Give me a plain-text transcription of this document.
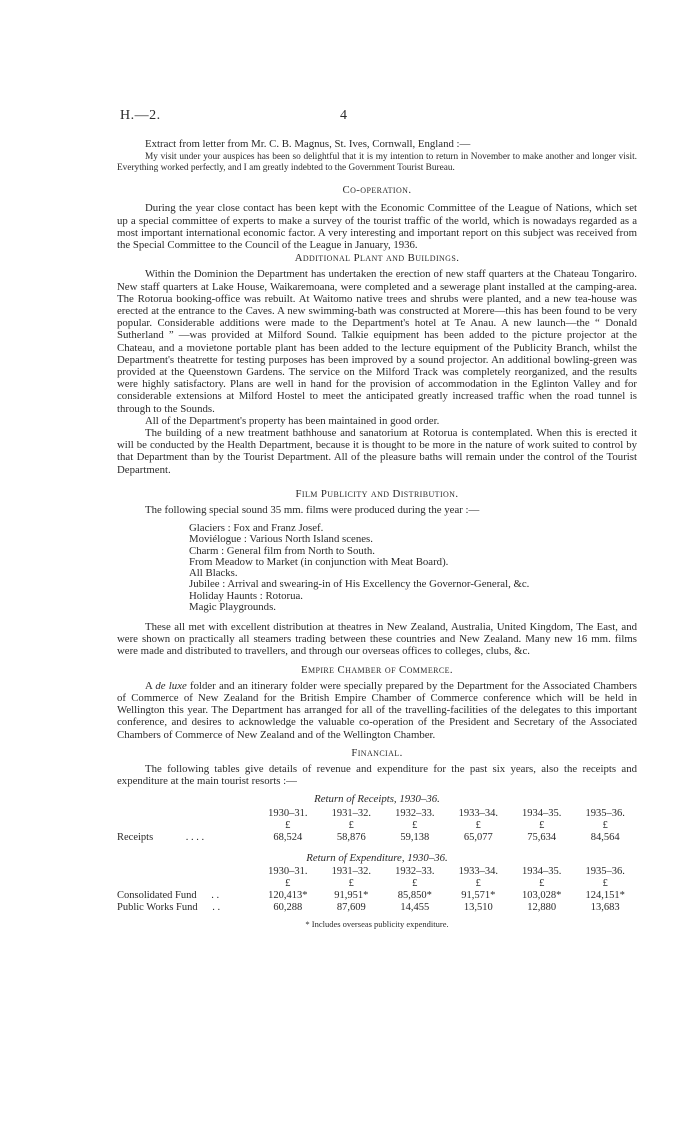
H.—2.	4

Extract from letter from Mr. C. B. Magnus, St. Ives, Cornwall, England :—

My visit under your auspices has been so delightful that it is my intention to return in November to make another and longer visit. Everything worked perfectly, and I am greatly indebted to the Government Tourist Bureau.

Co-operation.

During the year close contact has been kept with the Economic Committee of the League of Nations, which set up a special committee of experts to make a survey of the tourist traffic of the world, which is nowadays regarded as a most important international economic factor. A very interesting and important report on this subject was received from the Special Committee to the Council of the League in January, 1936.

Additional Plant and Buildings.

Within the Dominion the Department has undertaken the erection of new staff quarters at the Chateau Tongariro. New staff quarters at Lake House, Waikaremoana, were completed and a sewerage plant installed at the camping-area. The Rotorua booking-office was rebuilt. At Waitomo native trees and shrubs were planted, and a new tea-house was erected at the entrance to the Caves. A new swimming-bath was constructed at Morere—this has been found to be very popular. Considerable additions were made to the Department's hotel at Te Anau. A new launch—the “ Donald Sutherland ” —was provided at Milford Sound. Talkie equipment has been added to the picture projector at the Chateau, and a movietone portable plant has been added to the lecture equipment of the Publicity Branch, whilst the Department's theatrette for testing purposes has been improved by a sound projector. An additional bowling-green was provided at the Queenstown Gardens. The service on the Milford Track was completely reorganized, and the results were highly satisfactory. Plans are well in hand for the provision of accommodation in the Eglinton Valley and for considerable extensions at Milford Hostel to meet the anticipated greatly increased traffic when the road tunnel is through to the Sounds.

All of the Department's property has been maintained in good order.

The building of a new treatment bathhouse and sanatorium at Rotorua is contemplated. When this is erected it will be conducted by the Health Department, because it is thought to be more in the nature of work suited to control by that Department than by the Tourist Department. All of the pleasure baths will remain under the control of the Tourist Department.

Film Publicity and Distribution.

The following special sound 35 mm. films were produced during the year :—

Glaciers : Fox and Franz Josef.
Moviélogue : Various North Island scenes.
Charm : General film from North to South.
From Meadow to Market (in conjunction with Meat Board).
All Blacks.
Jubilee : Arrival and swearing-in of His Excellency the Governor-General, &c.
Holiday Haunts : Rotorua.
Magic Playgrounds.

These all met with excellent distribution at theatres in New Zealand, Australia, United Kingdom, The East, and were shown on practically all steamers trading between these countries and New Zealand. Many new 16 mm. films were made and distributed to travellers, and through our overseas offices to colleges, clubs, &c.

Empire Chamber of Commerce.

A de luxe folder and an itinerary folder were specially prepared by the Department for the Associated Chambers of Commerce of New Zealand for the British Empire Chamber of Commerce conference which will be held in Wellington this year. The Department has arranged for all of the travelling-facilities of the delegates to this important conference, and desires to acknowledge the valuable co-operation of the President and Secretary of the Associated Chambers of Commerce of New Zealand and of the Wellington Chamber.

Financial.

The following tables give details of revenue and expenditure for the past six years, also the receipts and expenditure at the main tourist resorts :—

Return of Receipts, 1930–36.

	1930–31.	1931–32.	1932–33.	1933–34.	1934–35.	1935–36.
	£	£	£	£	£	£
Receipts . . . .	68,524	58,876	59,138	65,077	75,634	84,564

Return of Expenditure, 1930–36.

	1930–31.	1931–32.	1932–33.	1933–34.	1934–35.	1935–36.
	£	£	£	£	£	£
Consolidated Fund . .	120,413*	91,951*	85,850*	91,571*	103,028*	124,151*
Public Works Fund . .	60,288	87,609	14,455	13,510	12,880	13,683

* Includes overseas publicity expenditure.
